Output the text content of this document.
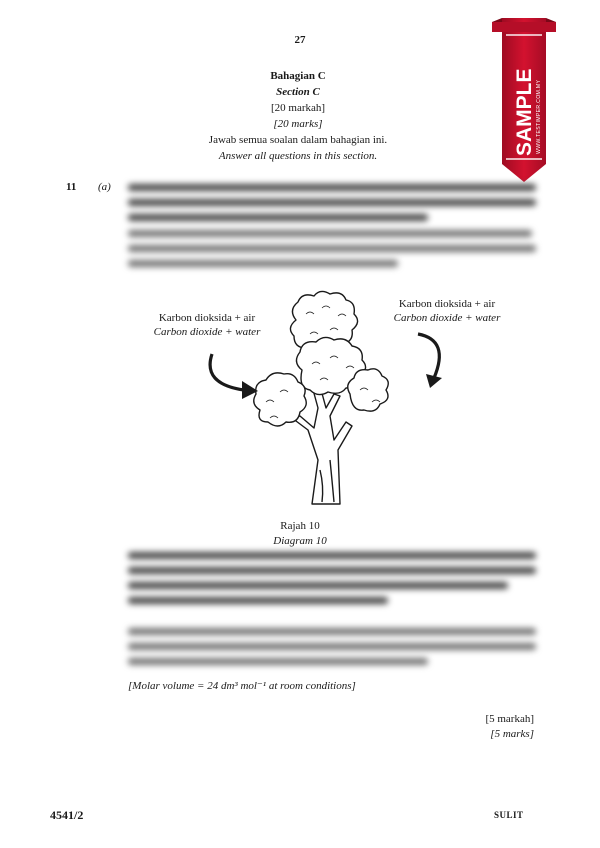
27
Bahagian C
Section C
[20 markah]
[20 marks]
Jawab semua soalan dalam bahagian ini.
Answer all questions in this section.	SAMPLE WWW.TESTIMPER.COM.MY
11 (a)
Karbon dioksida + air
Carbon dioxide + water
Karbon dioksida + air
Carbon dioxide + water
Rajah 10
Diagram 10
[Molar volume = 24 dm³ mol⁻¹ at room conditions]
[5 markah]
[5 marks]
4541/2	SULIT
